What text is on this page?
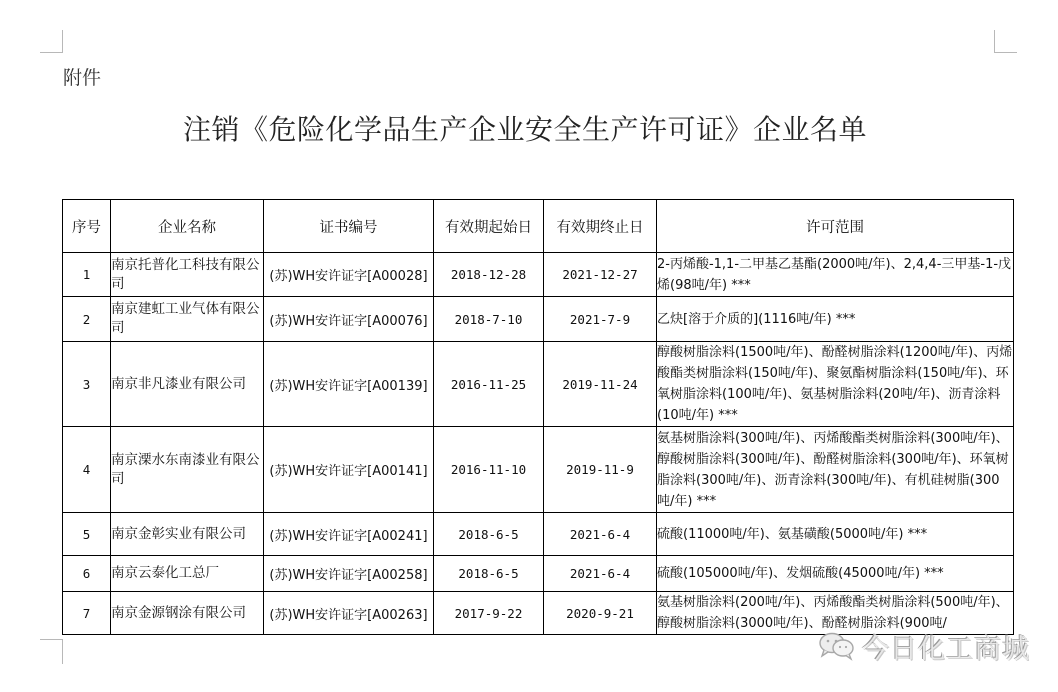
附件
注销《危险化学品生产企业安全生产许可证》企业名单
序号	企业名称	证书编号	有效期起始日	有效期终止日	许可范围
1	南京托普化工科技有限公司	(苏)WH安许证字[A00028]	2018-12-28	2021-12-27	2-丙烯酸-1,1-二甲基乙基酯(2000吨/年)、2,4,4-三甲基-1-戊烯(98吨/年) ***
2	南京建虹工业气体有限公司	(苏)WH安许证字[A00076]	2018-7-10	2021-7-9	乙炔[溶于介质的](1116吨/年) ***
3	南京非凡漆业有限公司	(苏)WH安许证字[A00139]	2016-11-25	2019-11-24	醇酸树脂涂料(1500吨/年)、酚醛树脂涂料(1200吨/年)、丙烯酸酯类树脂涂料(150吨/年)、聚氨酯树脂涂料(150吨/年)、环氧树脂涂料(100吨/年)、氨基树脂涂料(20吨/年)、沥青涂料(10吨/年) ***
4	南京溧水东南漆业有限公司	(苏)WH安许证字[A00141]	2016-11-10	2019-11-9	氨基树脂涂料(300吨/年)、丙烯酸酯类树脂涂料(300吨/年)、醇酸树脂涂料(300吨/年)、酚醛树脂涂料(300吨/年)、环氧树脂涂料(300吨/年)、沥青涂料(300吨/年)、有机硅树脂(300吨/年) ***
5	南京金彰实业有限公司	(苏)WH安许证字[A00241]	2018-6-5	2021-6-4	硫酸(11000吨/年)、氨基磺酸(5000吨/年) ***
6	南京云泰化工总厂	(苏)WH安许证字[A00258]	2018-6-5	2021-6-4	硫酸(105000吨/年)、发烟硫酸(45000吨/年) ***
7	南京金源钢涂有限公司	(苏)WH安许证字[A00263]	2017-9-22	2020-9-21	氨基树脂涂料(200吨/年)、丙烯酸酯类树脂涂料(500吨/年)、醇酸树脂涂料(3000吨/年)、酚醛树脂涂料(900吨/
今日化工商城
